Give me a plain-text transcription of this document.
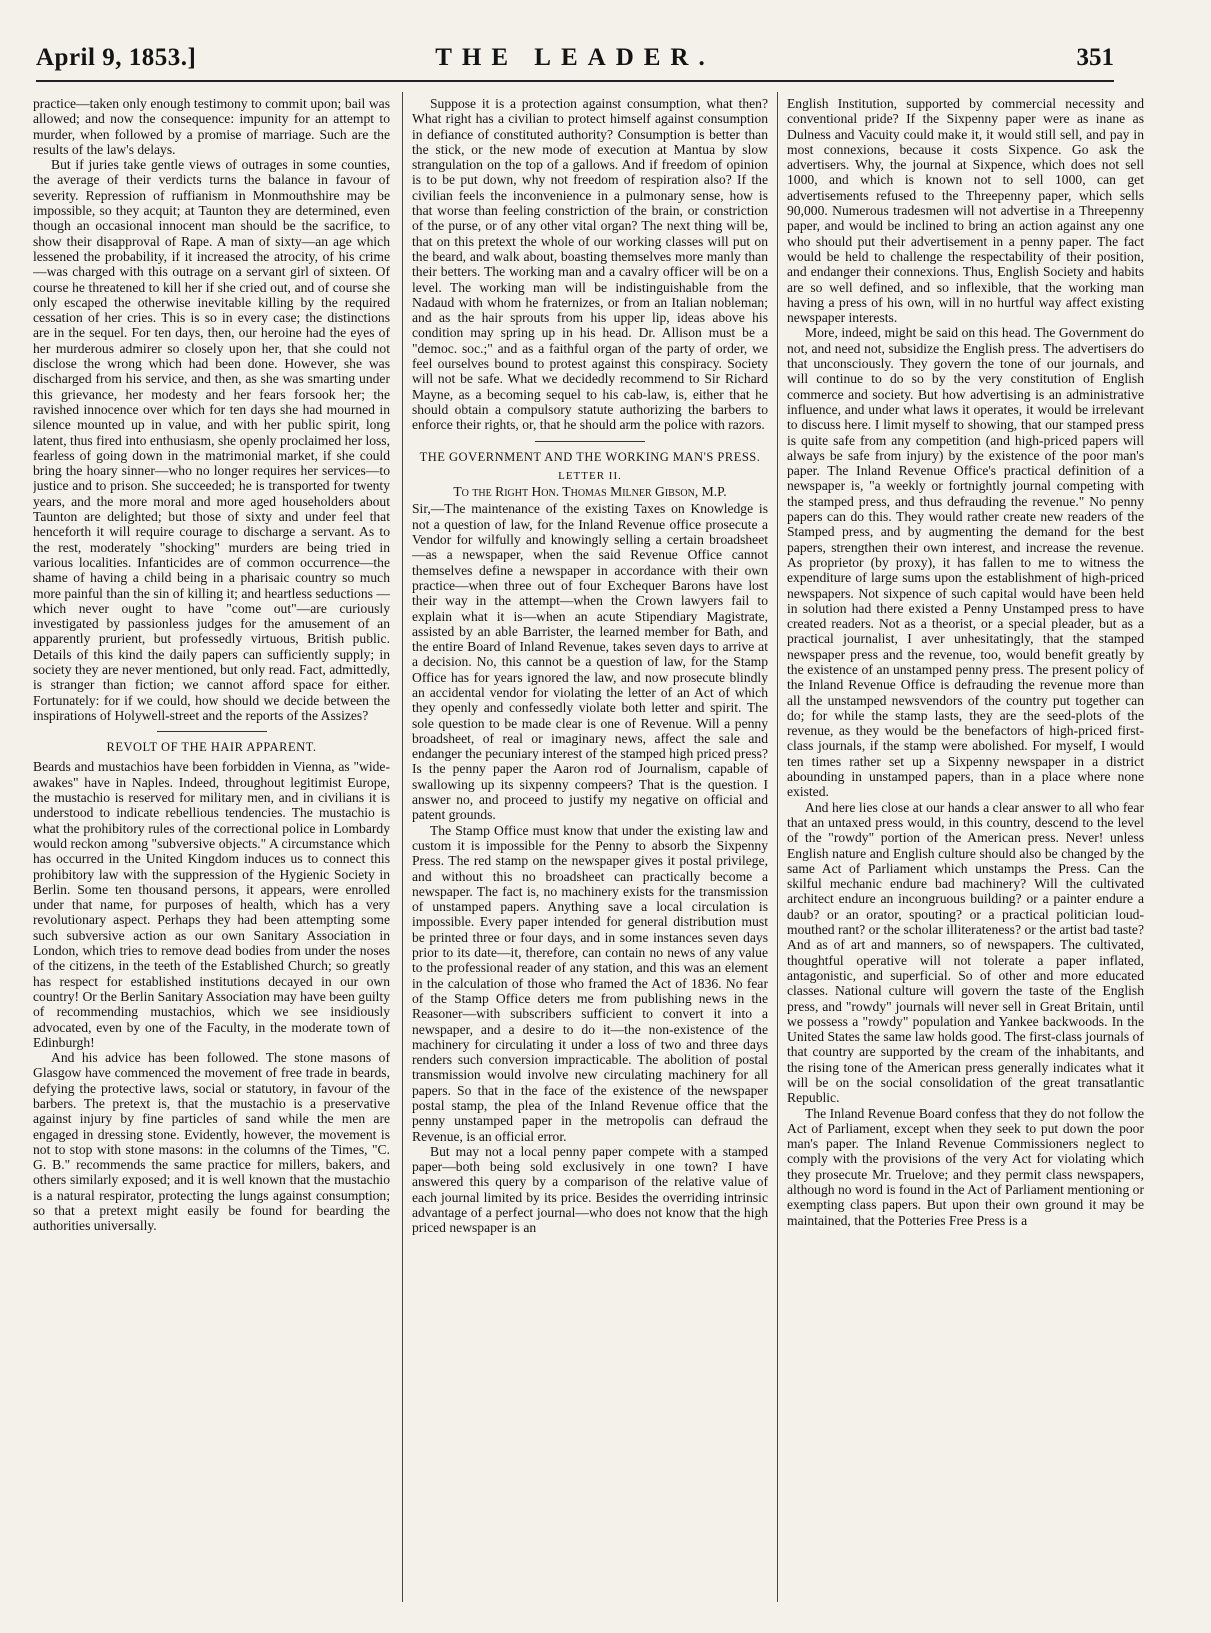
April 9, 1853.]	THE LEADER.	351

practice—taken only enough testimony to commit upon; bail was allowed; and now the consequence: impunity for an attempt to murder, when followed by a promise of marriage. Such are the results of the law's delays.

But if juries take gentle views of outrages in some counties, the average of their verdicts turns the balance in favour of severity. Repression of ruffianism in Monmouthshire may be impossible, so they acquit; at Taunton they are determined, even though an occasional innocent man should be the sacrifice, to show their disapproval of Rape. A man of sixty—an age which lessened the probability, if it increased the atrocity, of his crime—was charged with this outrage on a servant girl of sixteen. Of course he threatened to kill her if she cried out, and of course she only escaped the otherwise inevitable killing by the required cessation of her cries. This is so in every case; the distinctions are in the sequel. For ten days, then, our heroine had the eyes of her murderous admirer so closely upon her, that she could not disclose the wrong which had been done. However, she was discharged from his service, and then, as she was smarting under this grievance, her modesty and her fears forsook her; the ravished innocence over which for ten days she had mourned in silence mounted up in value, and with her public spirit, long latent, thus fired into enthusiasm, she openly proclaimed her loss, fearless of going down in the matrimonial market, if she could bring the hoary sinner—who no longer requires her services—to justice and to prison. She succeeded; he is transported for twenty years, and the more moral and more aged householders about Taunton are delighted; but those of sixty and under feel that henceforth it will require courage to discharge a servant. As to the rest, moderately "shocking" murders are being tried in various localities. Infanticides are of common occurrence—the shame of having a child being in a pharisaic country so much more painful than the sin of killing it; and heartless seductions — which never ought to have "come out"—are curiously investigated by passionless judges for the amusement of an apparently prurient, but professedly virtuous, British public. Details of this kind the daily papers can sufficiently supply; in society they are never mentioned, but only read. Fact, admittedly, is stranger than fiction; we cannot afford space for either. Fortunately: for if we could, how should we decide between the inspirations of Holywell-street and the reports of the Assizes?

REVOLT OF THE HAIR APPARENT.

Beards and mustachios have been forbidden in Vienna, as "wide-awakes" have in Naples. Indeed, throughout legitimist Europe, the mustachio is reserved for military men, and in civilians it is understood to indicate rebellious tendencies. The mustachio is what the prohibitory rules of the correctional police in Lombardy would reckon among "subversive objects." A circumstance which has occurred in the United Kingdom induces us to connect this prohibitory law with the suppression of the Hygienic Society in Berlin. Some ten thousand persons, it appears, were enrolled under that name, for purposes of health, which has a very revolutionary aspect. Perhaps they had been attempting some such subversive action as our own Sanitary Association in London, which tries to remove dead bodies from under the noses of the citizens, in the teeth of the Established Church; so greatly has respect for established institutions decayed in our own country! Or the Berlin Sanitary Association may have been guilty of recommending mustachios, which we see insidiously advocated, even by one of the Faculty, in the moderate town of Edinburgh!

And his advice has been followed. The stone masons of Glasgow have commenced the movement of free trade in beards, defying the protective laws, social or statutory, in favour of the barbers. The pretext is, that the mustachio is a preservative against injury by fine particles of sand while the men are engaged in dressing stone. Evidently, however, the movement is not to stop with stone masons: in the columns of the Times, "C. G. B." recommends the same practice for millers, bakers, and others similarly exposed; and it is well known that the mustachio is a natural respirator, protecting the lungs against consumption; so that a pretext might easily be found for bearding the authorities universally.

Suppose it is a protection against consumption, what then? What right has a civilian to protect himself against consumption in defiance of constituted authority? Consumption is better than the stick, or the new mode of execution at Mantua by slow strangulation on the top of a gallows. And if freedom of opinion is to be put down, why not freedom of respiration also? If the civilian feels the inconvenience in a pulmonary sense, how is that worse than feeling constriction of the brain, or constriction of the purse, or of any other vital organ? The next thing will be, that on this pretext the whole of our working classes will put on the beard, and walk about, boasting themselves more manly than their betters. The working man and a cavalry officer will be on a level. The working man will be indistinguishable from the Nadaud with whom he fraternizes, or from an Italian nobleman; and as the hair sprouts from his upper lip, ideas above his condition may spring up in his head. Dr. Allison must be a "democ. soc.;" and as a faithful organ of the party of order, we feel ourselves bound to protest against this conspiracy. Society will not be safe. What we decidedly recommend to Sir Richard Mayne, as a becoming sequel to his cab-law, is, either that he should obtain a compulsory statute authorizing the barbers to enforce their rights, or, that he should arm the police with razors.

THE GOVERNMENT AND THE WORKING MAN'S PRESS.
LETTER II.
To the Right Hon. Thomas Milner Gibson, M.P.

Sir,—The maintenance of the existing Taxes on Knowledge is not a question of law, for the Inland Revenue office prosecute a Vendor for wilfully and knowingly selling a certain broadsheet —as a newspaper, when the said Revenue Office cannot themselves define a newspaper in accordance with their own practice—when three out of four Exchequer Barons have lost their way in the attempt—when the Crown lawyers fail to explain what it is—when an acute Stipendiary Magistrate, assisted by an able Barrister, the learned member for Bath, and the entire Board of Inland Revenue, takes seven days to arrive at a decision. No, this cannot be a question of law, for the Stamp Office has for years ignored the law, and now prosecute blindly an accidental vendor for violating the letter of an Act of which they openly and confessedly violate both letter and spirit. The sole question to be made clear is one of Revenue. Will a penny broadsheet, of real or imaginary news, affect the sale and endanger the pecuniary interest of the stamped high priced press? Is the penny paper the Aaron rod of Journalism, capable of swallowing up its sixpenny compeers? That is the question. I answer no, and proceed to justify my negative on official and patent grounds.

The Stamp Office must know that under the existing law and custom it is impossible for the Penny to absorb the Sixpenny Press. The red stamp on the newspaper gives it postal privilege, and without this no broadsheet can practically become a newspaper. The fact is, no machinery exists for the transmission of unstamped papers. Anything save a local circulation is impossible. Every paper intended for general distribution must be printed three or four days, and in some instances seven days prior to its date—it, therefore, can contain no news of any value to the professional reader of any station, and this was an element in the calculation of those who framed the Act of 1836. No fear of the Stamp Office deters me from publishing news in the Reasoner—with subscribers sufficient to convert it into a newspaper, and a desire to do it—the non-existence of the machinery for circulating it under a loss of two and three days renders such conversion impracticable. The abolition of postal transmission would involve new circulating machinery for all papers. So that in the face of the existence of the newspaper postal stamp, the plea of the Inland Revenue office that the penny unstamped paper in the metropolis can defraud the Revenue, is an official error.

But may not a local penny paper compete with a stamped paper—both being sold exclusively in one town? I have answered this query by a comparison of the relative value of each journal limited by its price. Besides the overriding intrinsic advantage of a perfect journal—who does not know that the high priced newspaper is an

English Institution, supported by commercial necessity and conventional pride? If the Sixpenny paper were as inane as Dulness and Vacuity could make it, it would still sell, and pay in most connexions, because it costs Sixpence. Go ask the advertisers. Why, the journal at Sixpence, which does not sell 1000, and which is known not to sell 1000, can get advertisements refused to the Threepenny paper, which sells 90,000. Numerous tradesmen will not advertise in a Threepenny paper, and would be inclined to bring an action against any one who should put their advertisement in a penny paper. The fact would be held to challenge the respectability of their position, and endanger their connexions. Thus, English Society and habits are so well defined, and so inflexible, that the working man having a press of his own, will in no hurtful way affect existing newspaper interests.

More, indeed, might be said on this head. The Government do not, and need not, subsidize the English press. The advertisers do that unconsciously. They govern the tone of our journals, and will continue to do so by the very constitution of English commerce and society. But how advertising is an administrative influence, and under what laws it operates, it would be irrelevant to discuss here. I limit myself to showing, that our stamped press is quite safe from any competition (and high-priced papers will always be safe from injury) by the existence of the poor man's paper. The Inland Revenue Office's practical definition of a newspaper is, "a weekly or fortnightly journal competing with the stamped press, and thus defrauding the revenue." No penny papers can do this. They would rather create new readers of the Stamped press, and by augmenting the demand for the best papers, strengthen their own interest, and increase the revenue. As proprietor (by proxy), it has fallen to me to witness the expenditure of large sums upon the establishment of high-priced newspapers. Not sixpence of such capital would have been held in solution had there existed a Penny Unstamped press to have created readers. Not as a theorist, or a special pleader, but as a practical journalist, I aver unhesitatingly, that the stamped newspaper press and the revenue, too, would benefit greatly by the existence of an unstamped penny press. The present policy of the Inland Revenue Office is defrauding the revenue more than all the unstamped newsvendors of the country put together can do; for while the stamp lasts, they are the seed-plots of the revenue, as they would be the benefactors of high-priced first-class journals, if the stamp were abolished. For myself, I would ten times rather set up a Sixpenny newspaper in a district abounding in unstamped papers, than in a place where none existed.

And here lies close at our hands a clear answer to all who fear that an untaxed press would, in this country, descend to the level of the "rowdy" portion of the American press. Never! unless English nature and English culture should also be changed by the same Act of Parliament which unstamps the Press. Can the skilful mechanic endure bad machinery? Will the cultivated architect endure an incongruous building? or a painter endure a daub? or an orator, spouting? or a practical politician loud-mouthed rant? or the scholar illiterateness? or the artist bad taste? And as of art and manners, so of newspapers. The cultivated, thoughtful operative will not tolerate a paper inflated, antagonistic, and superficial. So of other and more educated classes. National culture will govern the taste of the English press, and "rowdy" journals will never sell in Great Britain, until we possess a "rowdy" population and Yankee backwoods. In the United States the same law holds good. The first-class journals of that country are supported by the cream of the inhabitants, and the rising tone of the American press generally indicates what it will be on the social consolidation of the great transatlantic Republic.

The Inland Revenue Board confess that they do not follow the Act of Parliament, except when they seek to put down the poor man's paper. The Inland Revenue Commissioners neglect to comply with the provisions of the very Act for violating which they prosecute Mr. Truelove; and they permit class newspapers, although no word is found in the Act of Parliament mentioning or exempting class papers. But upon their own ground it may be maintained, that the Potteries Free Press is a
